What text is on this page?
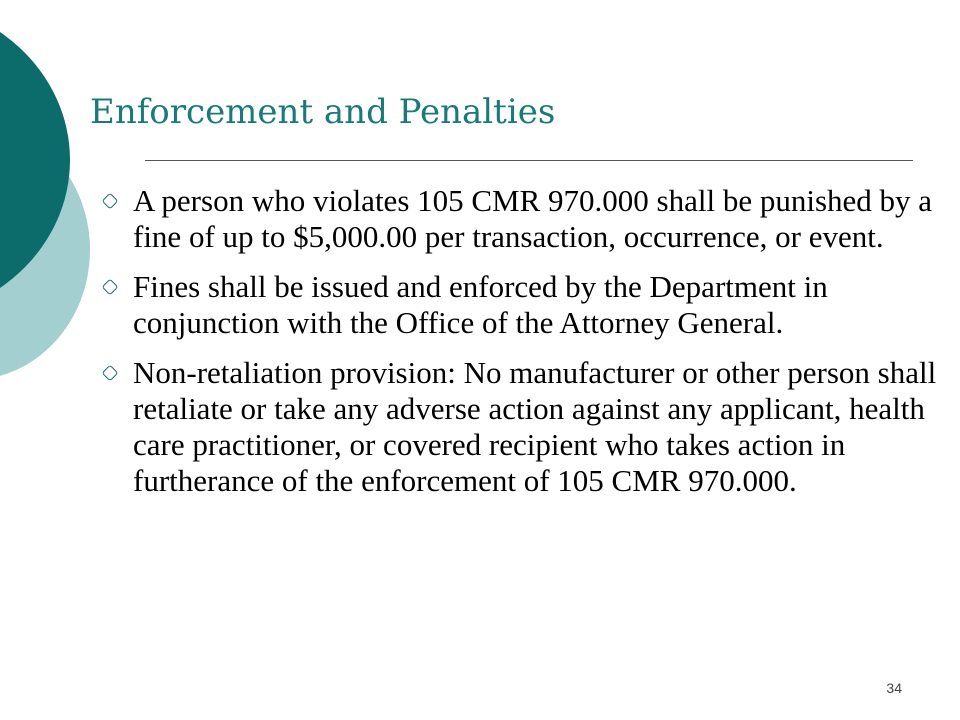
Enforcement and Penalties
A person who violates 105 CMR 970.000 shall be punished by a fine of up to $5,000.00 per transaction, occurrence, or event.
Fines shall be issued and enforced by the Department in conjunction with the Office of the Attorney General.
Non-retaliation provision: No manufacturer or other person shall retaliate or take any adverse action against any applicant, health care practitioner, or covered recipient who takes action in furtherance of the enforcement of 105 CMR 970.000.
34
